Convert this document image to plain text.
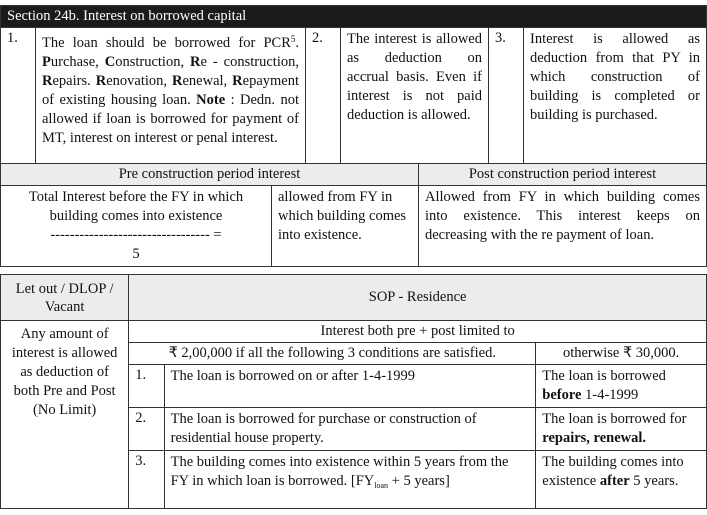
Section 24b. Interest on borrowed capital
1.	The loan should be borrowed for PCR$^5$. Purchase, Construction, Re - construction, Repairs. Renovation, Renewal, Repayment of existing housing loan. Note : Dedn. not allowed if loan is borrowed for payment of MT, interest on interest or penal interest.	2.	The interest is allowed as deduction on accrual basis. Even if interest is not paid deduction is allowed.	3.	Interest is allowed as deduction from that PY in which construction of building is completed or building is purchased.
Pre construction period interest		Post construction period interest

Total Interest before the FY in which building comes into existence
--------------------------------- =
5	allowed from FY in which building comes into existence.	Allowed from FY in which building comes into existence. This interest keeps on decreasing with the re payment of loan.
Let out / DLOP / Vacant	SOP - Residence		
Any amount of interest is allowed as deduction of both Pre and Post (No Limit)	Interest both pre + post limited to		
	₹ 2,00,000 if all the following 3 conditions are satisfied.		otherwise ₹ 30,000.
	1.	The loan is borrowed on or after 1-4-1999	The loan is borrowed before 1-4-1999
	2.	The loan is borrowed for purchase or construction of residential house property.	The loan is borrowed for repairs, renewal.
	3.	The building comes into existence within 5 years from the FY in which loan is borrowed. [$FY_{loan} + 5$ years]	The building comes into existence after 5 years.
